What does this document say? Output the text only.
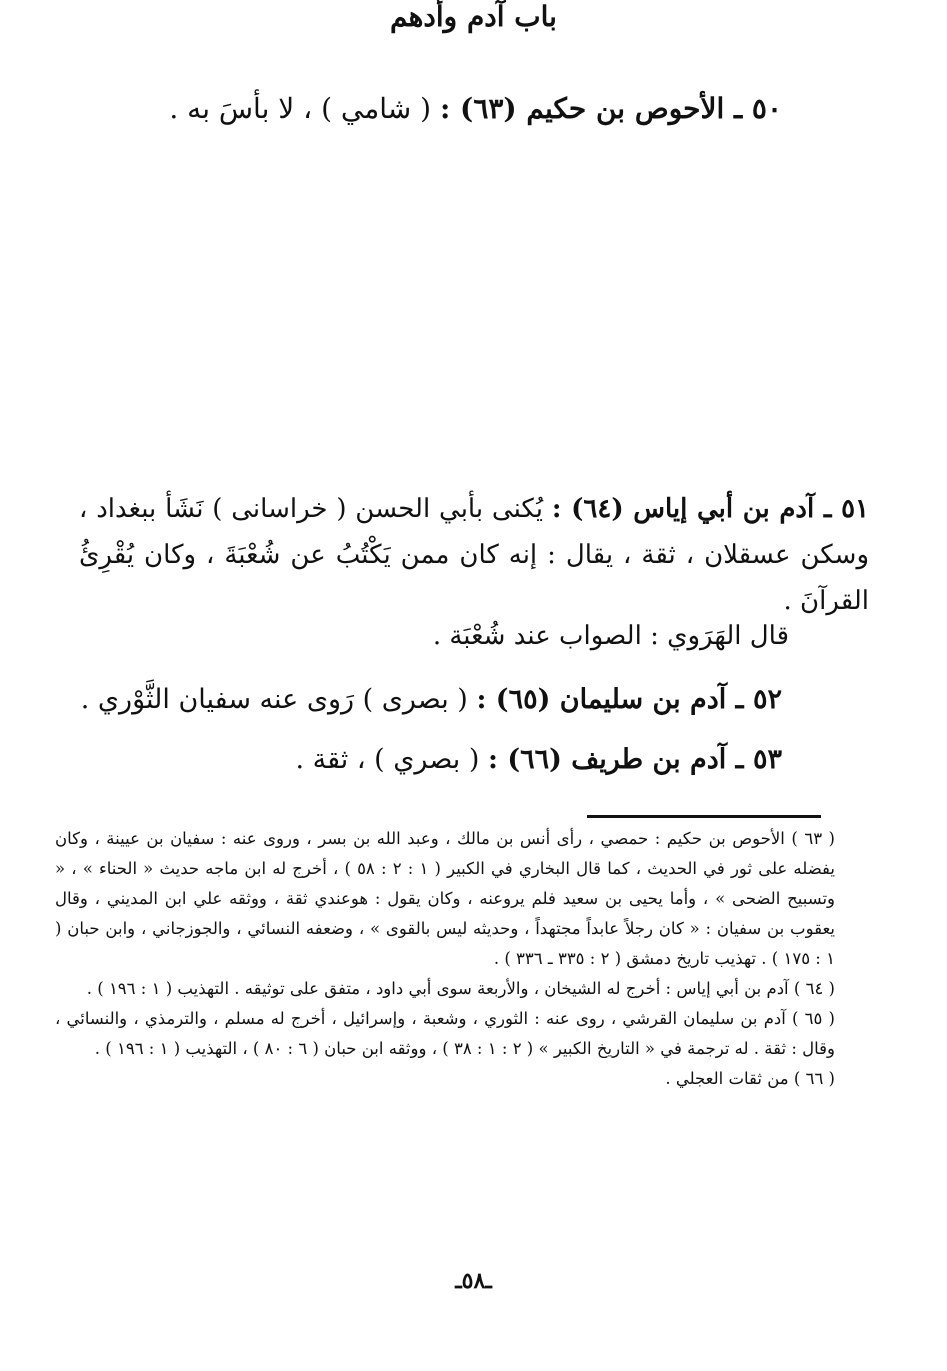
٥٠ ـ الأحوص بن حكيم (٦٣) : ( شامي ) ، لا بأسَ به .
باب آدم وأدهم
٥١ ـ آدم بن أبي إياس (٦٤) : يُكنى بأبي الحسن ( خراسانى ) نَشَأ ببغداد ، وسكن عسقلان ، ثقة ، يقال : إنه كان ممن يَكْتُبُ عن شُعْبَةَ ، وكان يُقْرِئُ القرآنَ .
قال الهَرَوي : الصواب عند شُعْبَة .
٥٢ ـ آدم بن سليمان (٦٥) : ( بصرى ) رَوى عنه سفيان الثَّوْري .
٥٣ ـ آدم بن طريف (٦٦) : ( بصري ) ، ثقة .

( ٦٣ ) الأحوص بن حكيم : حمصي ، رأى أنس بن مالك ، وعبد الله بن بسر ، وروى عنه : سفيان بن عيينة ، وكان يفضله على ثور في الحديث ، كما قال البخاري في الكبير ( ١ : ٢ : ٥٨ ) ، أخرج له ابن ماجه حديث « الحناء » ، « وتسبيح الضحى » ، وأما يحيى بن سعيد فلم يروعنه ، وكان يقول : هوعندي ثقة ، ووثقه علي ابن المديني ، وقال يعقوب بن سفيان : « كان رجلاً عابداً مجتهداً ، وحديثه ليس بالقوى » ، وضعفه النسائي ، والجوزجاني ، وابن حبان ( ١ : ١٧٥ ) . تهذيب تاريخ دمشق ( ٢ : ٣٣٥ ـ ٣٣٦ ) .

( ٦٤ ) آدم بن أبي إياس : أخرج له الشيخان ، والأربعة سوى أبي داود ، متفق على توثيقه . التهذيب ( ١ : ١٩٦ ) .

( ٦٥ ) آدم بن سليمان القرشي ، روى عنه : الثوري ، وشعبة ، وإسرائيل ، أخرج له مسلم ، والترمذي ، والنسائي ، وقال : ثقة . له ترجمة في « التاريخ الكبير » ( ٢ : ١ : ٣٨ ) ، ووثقه ابن حبان ( ٦ : ٨٠ ) ، التهذيب ( ١ : ١٩٦ ) .

( ٦٦ ) من ثقات العجلي .

ـ٥٨ـ
